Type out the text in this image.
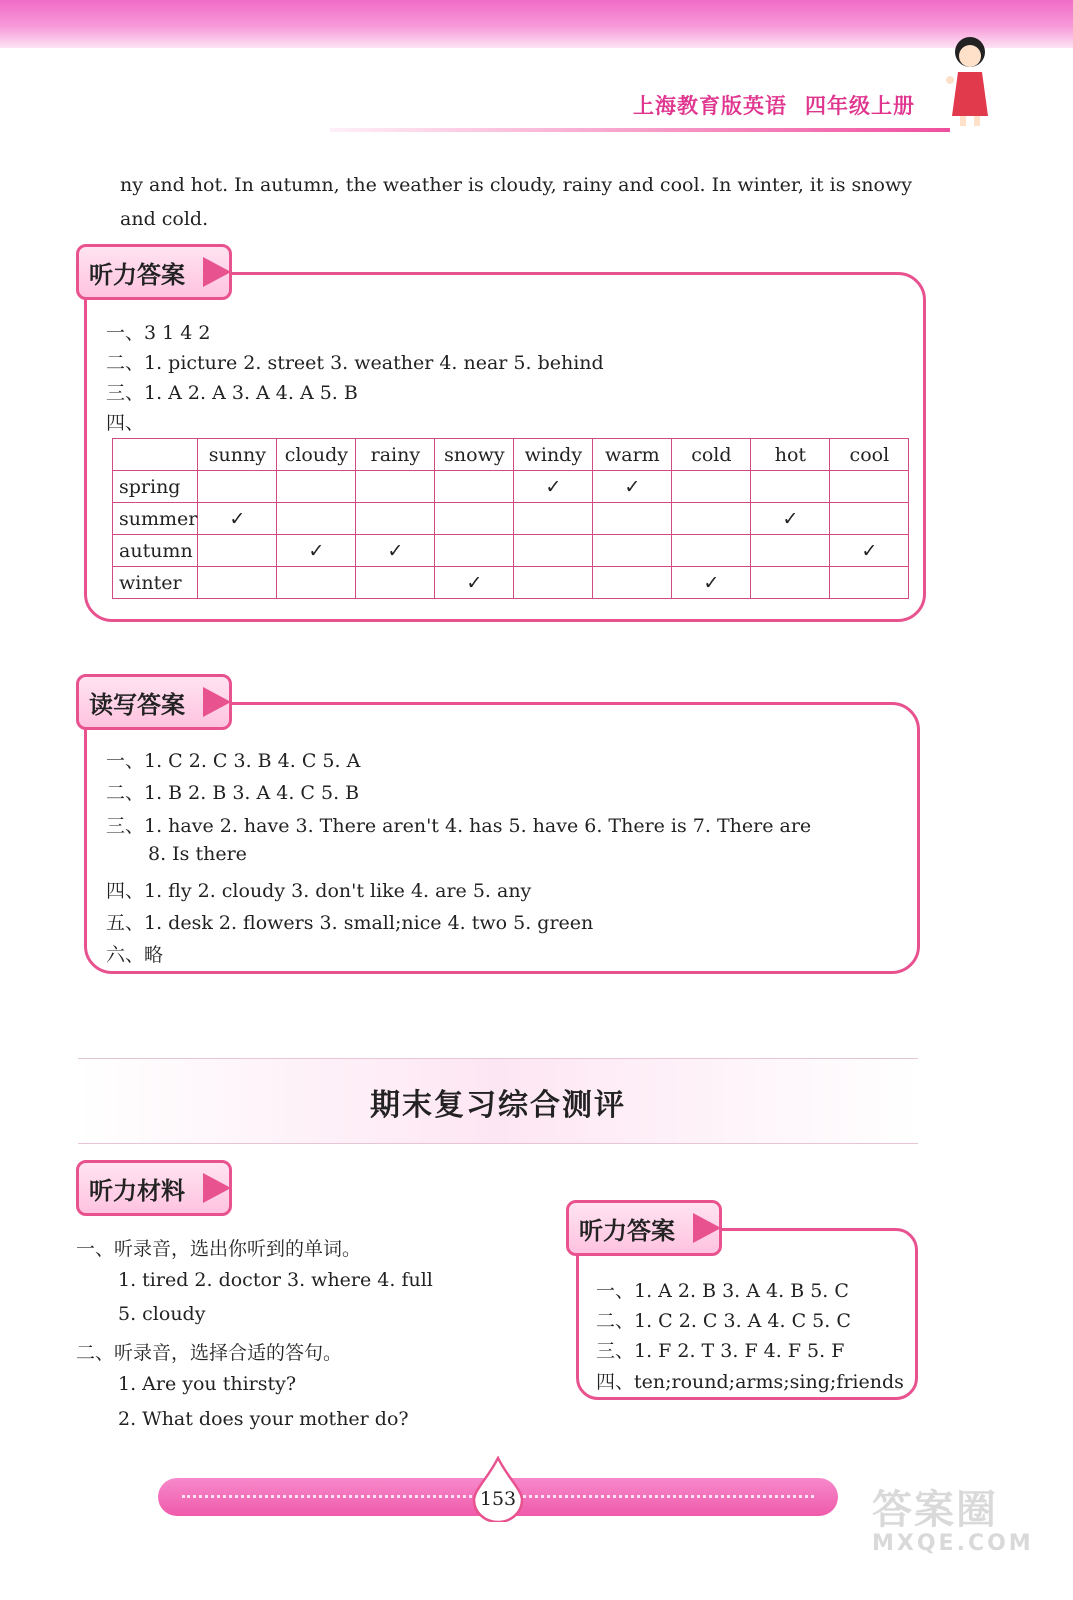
上海教育版英语 四年级上册
ny and hot. In autumn, the weather is cloudy, rainy and cool. In winter, it is snowy
and cold.
听力答案
一、3 1 4 2
二、1. picture 2. street 3. weather 4. near 5. behind
三、1. A 2. A 3. A 4. A 5. B
四、
	sunny	cloudy	rainy	snowy	windy	warm	cold	hot	cool
spring					✓	✓			
summer	✓							✓	
autumn		✓	✓						✓
winter				✓			✓		
读写答案
一、1. C 2. C 3. B 4. C 5. A
二、1. B 2. B 3. A 4. C 5. B
三、1. have 2. have 3. There aren't 4. has 5. have 6. There is 7. There are
8. Is there
四、1. fly 2. cloudy 3. don't like 4. are 5. any
五、1. desk 2. flowers 3. small;nice 4. two 5. green
六、略
期末复习综合测评
听力材料
一、听录音，选出你听到的单词。
1. tired 2. doctor 3. where 4. full
5. cloudy
二、听录音，选择合适的答句。
1. Are you thirsty?
2. What does your mother do?
听力答案
一、1. A 2. B 3. A 4. B 5. C
二、1. C 2. C 3. A 4. C 5. C
三、1. F 2. T 3. F 4. F 5. F
四、ten;round;arms;sing;friends
153	答案圈
MXQE.COM
